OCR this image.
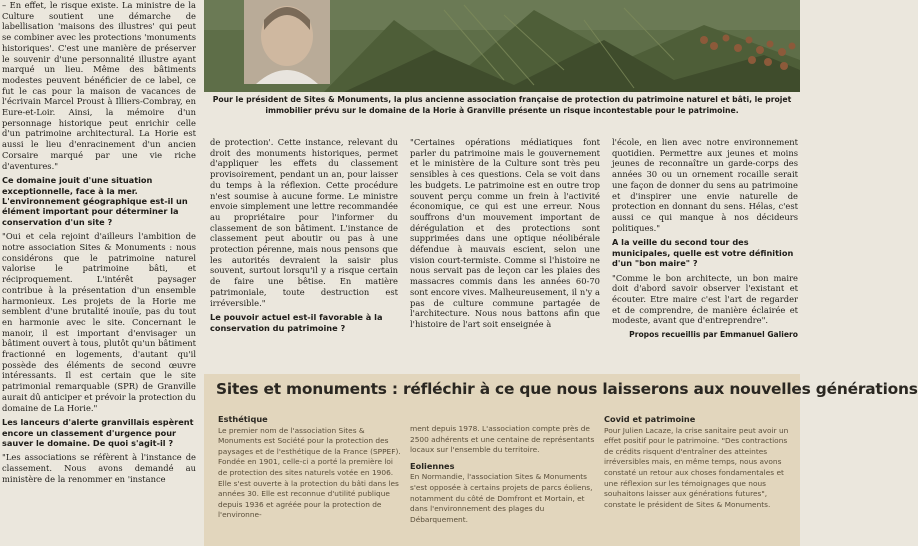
– En effet, le risque existe. La ministre de la Culture soutient une démarche de labellisation 'maisons des illustres' qui peut se combiner avec les protections 'monuments historiques'. C'est une manière de préserver le souvenir d'une personnalité illustre ayant marqué un lieu. Même des bâtiments modestes peuvent bénéficier de ce label, ce fut le cas pour la maison de vacances de l'écrivain Marcel Proust à Illiers-Combray, en Eure-et-Loir. Ainsi, la mémoire d'un personnage historique peut enrichir celle d'un patrimoine architectural. La Horie est aussi le lieu d'enracinement d'un ancien Corsaire marqué par une vie riche d'aventures."

Ce domaine jouit d'une situation exceptionnelle, face à la mer. L'environnement géographique est-il un élément important pour déterminer la conservation d'un site ?

"Oui et cela rejoint d'ailleurs l'ambition de notre association Sites & Monuments : nous considérons que le patrimoine naturel valorise le patrimoine bâti, et réciproquement. L'intérêt paysager contribue à la présentation d'un ensemble harmonieux. Les projets de la Horie me semblent d'une brutalité inouïe, pas du tout en harmonie avec le site. Concernant le manoir, il est important d'envisager un bâtiment ouvert à tous, plutôt qu'un bâtiment fractionné en logements, d'autant qu'il possède des éléments de second œuvre intéressants. Il est certain que le site patrimonial remarquable (SPR) de Granville aurait dû anticiper et prévoir la protection du domaine de La Horie."

Les lanceurs d'alerte granvillais espèrent encore un classement d'urgence pour sauver le domaine. De quoi s'agit-il ?

"Les associations se réfèrent à l'instance de classement. Nous avons demandé au ministère de la renommer en 'instance

Pour le président de Sites & Monuments, la plus ancienne association française de protection du patrimoine naturel et bâti, le projet immobilier prévu sur le domaine de la Horie à Granville présente un risque incontestable pour le patrimoine.

de protection'. Cette instance, relevant du droit des monuments historiques, permet d'appliquer les effets du classement provisoirement, pendant un an, pour laisser du temps à la réflexion. Cette procédure n'est soumise à aucune forme. Le ministre envoie simplement une lettre recommandée au propriétaire pour l'informer du classement de son bâtiment. L'instance de classement peut aboutir ou pas à une protection pérenne, mais nous pensons que les autorités devraient la saisir plus souvent, surtout lorsqu'il y a risque certain de faire une bêtise. En matière patrimoniale, toute destruction est irréversible."

Le pouvoir actuel est-il favorable à la conservation du patrimoine ?

"Certaines opérations médiatiques font parler du patrimoine mais le gouvernement et le ministère de la Culture sont très peu sensibles à ces questions. Cela se voit dans les budgets. Le patrimoine est en outre trop souvent perçu comme un frein à l'activité économique, ce qui est une erreur. Nous souffrons d'un mouvement important de dérégulation et des protections sont supprimées dans une optique néolibérale défendue à mauvais escient, selon une vision court-termiste. Comme si l'histoire ne nous servait pas de leçon car les plaies des massacres commis dans les années 60-70 sont encore vives. Malheureusement, il n'y a pas de culture commune partagée de l'architecture. Nous nous battons afin que l'histoire de l'art soit enseignée à

l'école, en lien avec notre environnement quotidien. Permettre aux jeunes et moins jeunes de reconnaître un garde-corps des années 30 ou un ornement rocaille serait une façon de donner du sens au patrimoine et d'inspirer une envie naturelle de protection en donnant du sens. Hélas, c'est aussi ce qui manque à nos décideurs politiques."

A la veille du second tour des municipales, quelle est votre définition d'un "bon maire" ?

"Comme le bon architecte, un bon maire doit d'abord savoir observer l'existant et écouter. Etre maire c'est l'art de regarder et de comprendre, de manière éclairée et modeste, avant que d'entreprendre".

Propos recueillis par Emmanuel Galiero

Sites et monuments : réfléchir à ce que nous laisserons aux nouvelles générations
Esthétique

Le premier nom de l'association Sites & Monuments est Société pour la protection des paysages et de l'esthétique de la France (SPPEF). Fondée en 1901, celle-ci a porté la première loi de protection des sites naturels votée en 1906. Elle s'est ouverte à la protection du bâti dans les années 30. Elle est reconnue d'utilité publique depuis 1936 et agréée pour la protection de l'environne-

ment depuis 1978. L'association compte près de 2500 adhérents et une centaine de représentants locaux sur l'ensemble du territoire.

Eoliennes

En Normandie, l'association Sites & Monuments s'est opposée à certains projets de parcs éoliens, notamment du côté de Domfront et Mortain, et dans l'environnement des plages du Débarquement.

Covid et patrimoine

Pour Julien Lacaze, la crise sanitaire peut avoir un effet positif pour le patrimoine. "Des contractions de crédits risquent d'entraîner des atteintes irréversibles mais, en même temps, nous avons constaté un retour aux choses fondamentales et une réflexion sur les témoignages que nous souhaitons laisser aux générations futures", constate le président de Sites & Monuments.
